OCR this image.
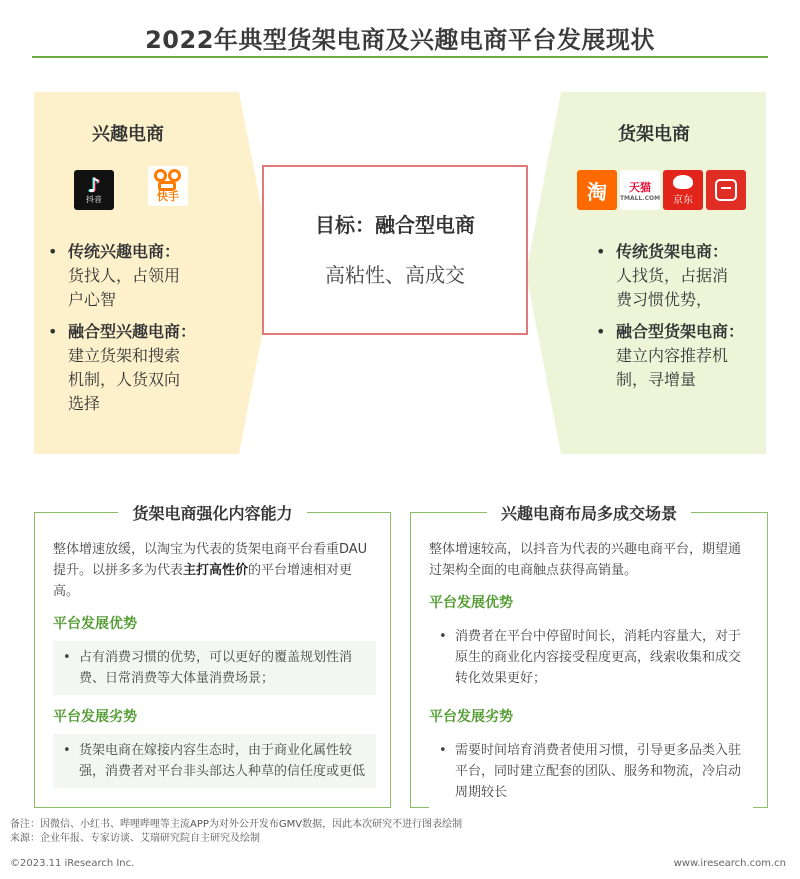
2022年典型货架电商及兴趣电商平台发展现状
兴趣电商
♪
抖音	快手
• 传统兴趣电商：
货找人，占领用
户心智
• 融合型兴趣电商：
建立货架和搜索
机制，人货双向
选择
货架电商
淘 天猫
TMALL.COM 京东
• 传统货架电商：
人找货，占据消
费习惯优势，
• 融合型货架电商：
建立内容推荐机
制，寻增量
目标：融合型电商
高粘性、高成交
货架电商强化内容能力
整体增速放缓，以淘宝为代表的货架电商平台看重DAU提升。以拼多多为代表主打高性价的平台增速相对更高。
平台发展优势
• 占有消费习惯的优势，可以更好的覆盖规划性消费、日常消费等大体量消费场景；
平台发展劣势
• 货架电商在嫁接内容生态时，由于商业化属性较强，消费者对平台非头部达人种草的信任度或更低
兴趣电商布局多成交场景
整体增速较高，以抖音为代表的兴趣电商平台，期望通过架构全面的电商触点获得高销量。
平台发展优势
• 消费者在平台中停留时间长，消耗内容量大，对于原生的商业化内容接受程度更高，线索收集和成交转化效果更好；
平台发展劣势
• 需要时间培育消费者使用习惯，引导更多品类入驻平台，同时建立配套的团队、服务和物流，冷启动周期较长
备注：因微信、小红书、哔哩哔哩等主流APP为对外公开发布GMV数据，因此本次研究不进行图表绘制
来源：企业年报、专家访谈、艾瑞研究院自主研究及绘制
©2023.11 iResearch Inc.	www.iresearch.com.cn
